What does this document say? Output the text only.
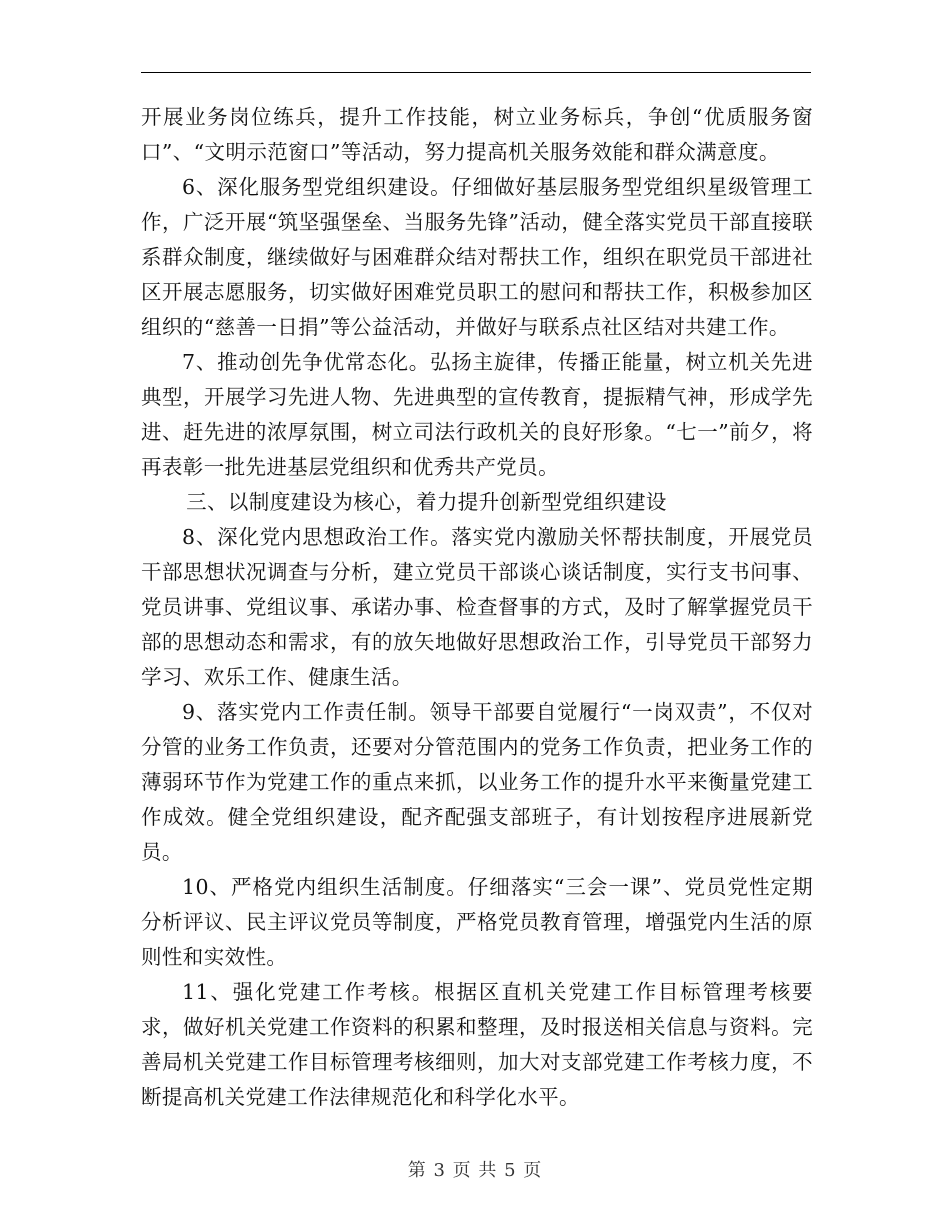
开展业务岗位练兵，提升工作技能，树立业务标兵，争创“优质服务窗口”、“文明示范窗口”等活动，努力提高机关服务效能和群众满意度。

6、深化服务型党组织建设。仔细做好基层服务型党组织星级管理工作，广泛开展“筑坚强堡垒、当服务先锋”活动，健全落实党员干部直接联系群众制度，继续做好与困难群众结对帮扶工作，组织在职党员干部进社区开展志愿服务，切实做好困难党员职工的慰问和帮扶工作，积极参加区组织的“慈善一日捐”等公益活动，并做好与联系点社区结对共建工作。

7、推动创先争优常态化。弘扬主旋律，传播正能量，树立机关先进典型，开展学习先进人物、先进典型的宣传教育，提振精气神，形成学先进、赶先进的浓厚氛围，树立司法行政机关的良好形象。“七一”前夕，将再表彰一批先进基层党组织和优秀共产党员。

三、以制度建设为核心，着力提升创新型党组织建设

8、深化党内思想政治工作。落实党内激励关怀帮扶制度，开展党员干部思想状况调查与分析，建立党员干部谈心谈话制度，实行支书问事、党员讲事、党组议事、承诺办事、检查督事的方式，及时了解掌握党员干部的思想动态和需求，有的放矢地做好思想政治工作，引导党员干部努力学习、欢乐工作、健康生活。

9、落实党内工作责任制。领导干部要自觉履行“一岗双责”，不仅对分管的业务工作负责，还要对分管范围内的党务工作负责，把业务工作的薄弱环节作为党建工作的重点来抓，以业务工作的提升水平来衡量党建工作成效。健全党组织建设，配齐配强支部班子，有计划按程序进展新党员。

10、严格党内组织生活制度。仔细落实“三会一课”、党员党性定期分析评议、民主评议党员等制度，严格党员教育管理，增强党内生活的原则性和实效性。

11、强化党建工作考核。根据区直机关党建工作目标管理考核要求，做好机关党建工作资料的积累和整理，及时报送相关信息与资料。完善局机关党建工作目标管理考核细则，加大对支部党建工作考核力度，不断提高机关党建工作法律规范化和科学化水平。

第 3 页 共 5 页
